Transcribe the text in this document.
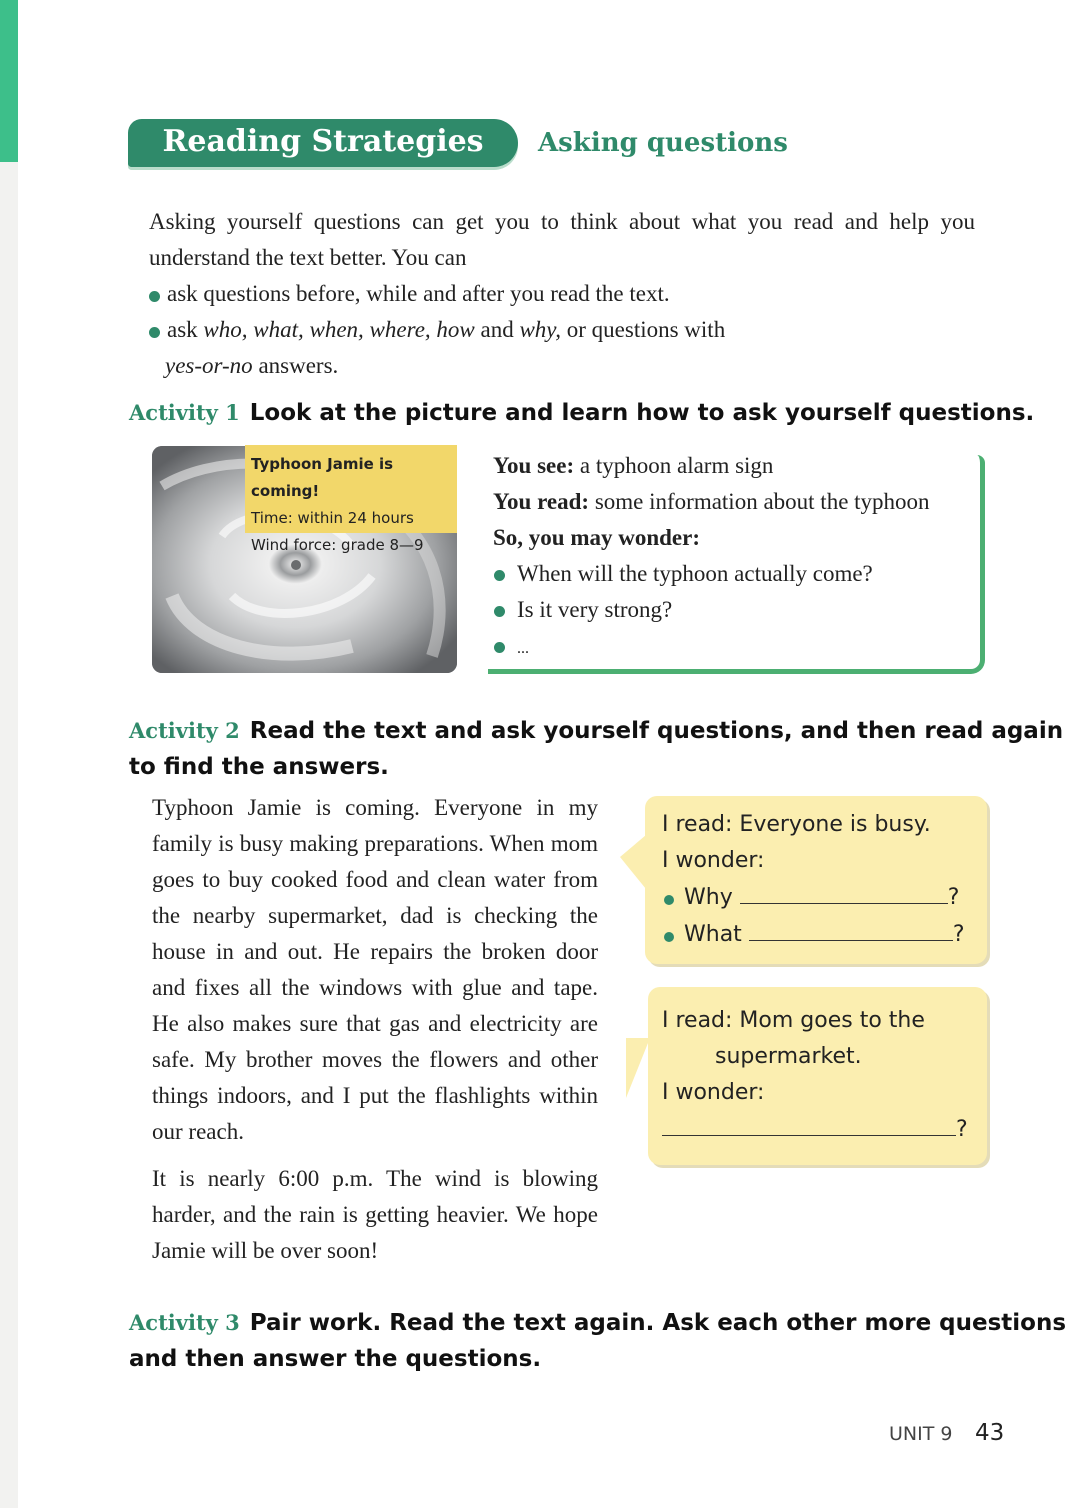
Reading Strategies	Asking questions

Asking yourself questions can get you to think about what you read and help you understand the text better. You can

ask questions before, while and after you read the text.

ask who, what, when, where, how and why, or questions with

yes-or-no answers.

Activity 1 Look at the picture and learn how to ask yourself questions.
Typhoon Jamie is coming!
Time: within 24 hours
Wind force: grade 8—9

You see: a typhoon alarm sign

You read: some information about the typhoon

So, you may wonder:

When will the typhoon actually come?

Is it very strong?

...

Activity 2 Read the text and ask yourself questions, and then read again
to find the answers.

Typhoon Jamie is coming. Everyone in my family is busy making preparations. When mom goes to buy cooked food and clean water from the nearby supermarket, dad is checking the house in and out. He repairs the broken door and fixes all the windows with glue and tape. He also makes sure that gas and electricity are safe. My brother moves the flowers and other things indoors, and I put the flashlights within our reach.

It is nearly 6:00 p.m. The wind is blowing harder, and the rain is getting heavier. We hope Jamie will be over soon!

I read: Everyone is busy.

I wonder:

Why	?

What	?

I read: Mom goes to the

supermarket.

I wonder:

?

Activity 3 Pair work. Read the text again. Ask each other more questions
and then answer the questions.
UNIT 9 43
